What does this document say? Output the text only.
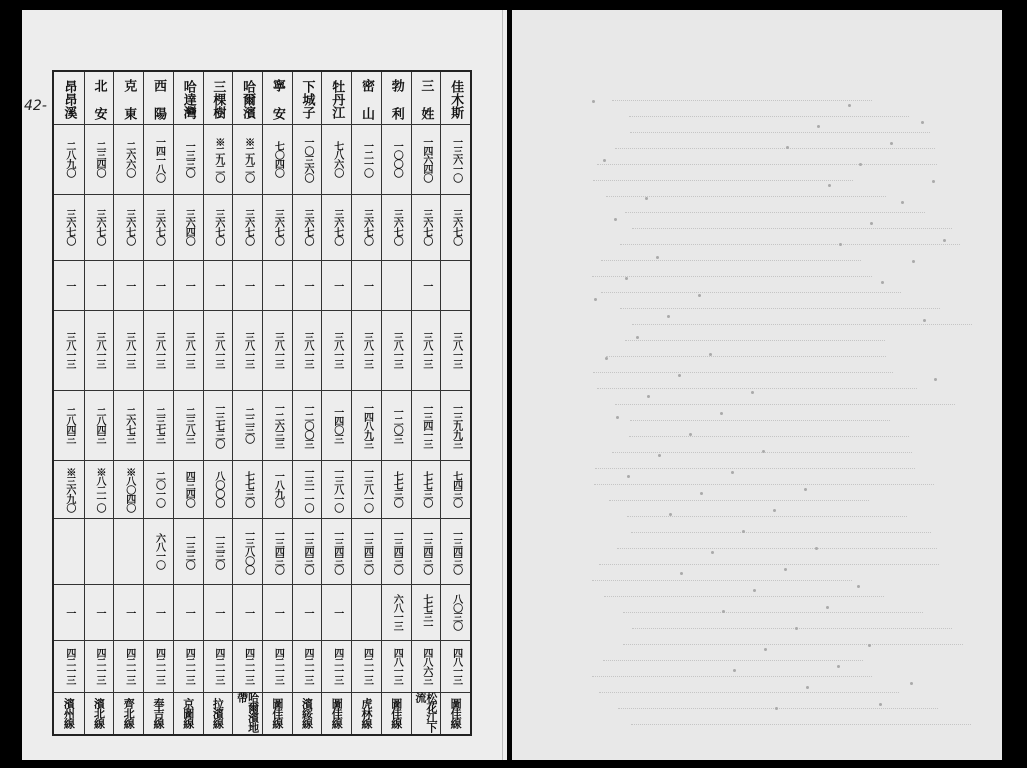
42-	佳木斯
一三六一〇
三六七〇
三八一三
一三九九三
七四三〇
一三四三〇
八〇三〇
四八一三
圖佳線
三 姓
一四六四〇
三六七〇
一
三八一三
一三四一三
七七三〇
一三四三〇
七七三一
四八六三
松花江下流
勃 利
一〇〇〇
三六七〇
三八一三
一二〇三
七七三〇
一三四三〇
六八一三
四八一三
圖佳線
密 山
一二一〇
三六七〇
一
三八一三
一四八九三
一三八一〇
一三四三〇
四二一三
虎林線
牡丹江
七八六〇
三六七〇
一
三八一三
一四〇三
一三八一〇
一三四三〇
一
四二一三
圖佳線
下城子
一〇三六〇
三六七〇
一
三八一三
一二〇〇三
一三一一〇
一三四三〇
一
四二一三
濱綏線
寧 安
七〇四〇
三六七〇
一
三八一三
一二六三三
一八九〇
一三四三〇
一
四二一三
圖佳線
哈爾濱
※二九二〇
三六七〇
一
三八一三
二二三〇
七七三〇
一三八〇〇
一
四二一三
哈爾濱地帶
三棵樹
※二九二〇
三六七〇
一
三八一三
一三七三〇
八〇〇〇
一三三〇
一
四二一三
拉濱線
哈達灣
一三三〇
三六四〇
一
三八一三
二三八三
四三四〇
一三三〇
一
四二一三
京圖線
西 陽
一四一八〇
三六七〇
一
三八一三
二三七三
二〇一〇
六八一〇
一
四二一三
奉吉線
克 東
二六六〇
三六七〇
一
三八一三
二六七三
※八〇四〇
一
四二一三
齊北線
北 安
二三四〇
三六七〇
一
三八一三
二八四三
※八二一〇
一
四二一三
濱北線
昂昂溪
二八九〇
三六七〇
一
三八一三
二八四三
※三六九〇
一
四二一三
濱州線
